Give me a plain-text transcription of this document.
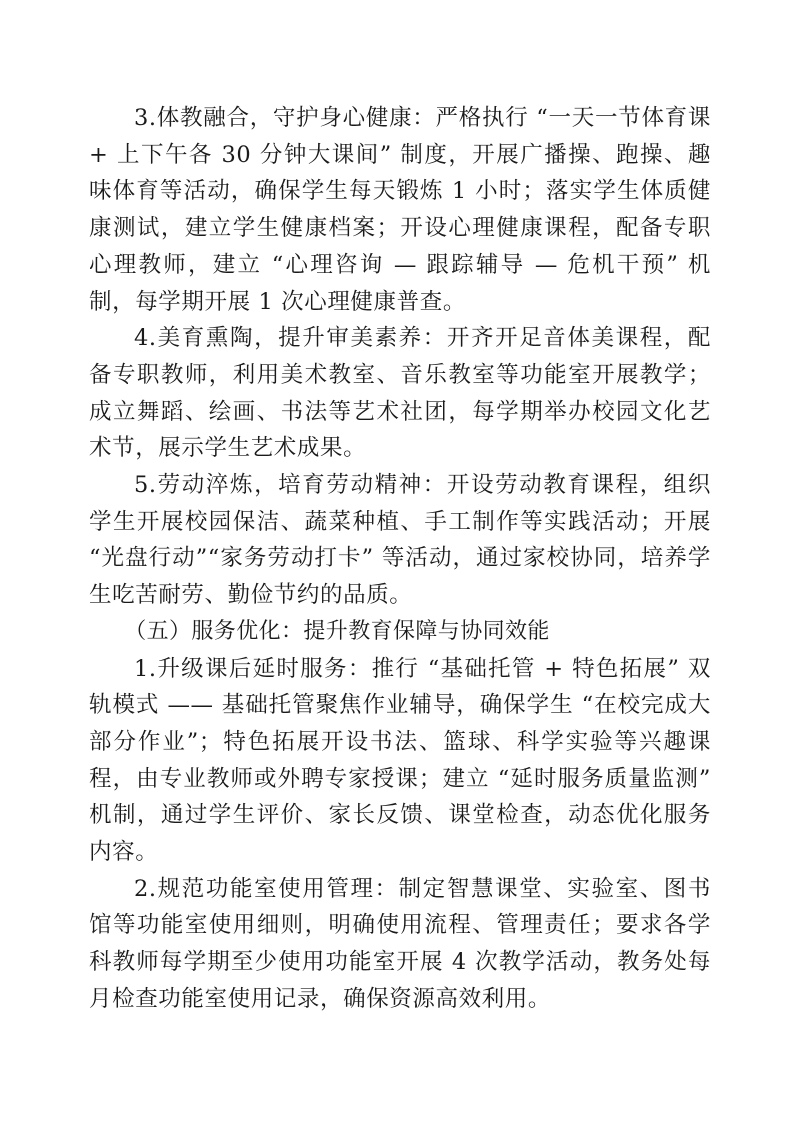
3.体教融合，守护身心健康：严格执行 “一天一节体育课 + 上下午各 30 分钟大课间” 制度，开展广播操、跑操、趣味体育等活动，确保学生每天锻炼 1 小时；落实学生体质健康测试，建立学生健康档案；开设心理健康课程，配备专职心理教师，建立 “心理咨询 — 跟踪辅导 — 危机干预” 机制，每学期开展 1 次心理健康普查。

4.美育熏陶，提升审美素养：开齐开足音体美课程，配备专职教师，利用美术教室、音乐教室等功能室开展教学；成立舞蹈、绘画、书法等艺术社团，每学期举办校园文化艺术节，展示学生艺术成果。

5.劳动淬炼，培育劳动精神：开设劳动教育课程，组织学生开展校园保洁、蔬菜种植、手工制作等实践活动；开展 “光盘行动”“家务劳动打卡” 等活动，通过家校协同，培养学生吃苦耐劳、勤俭节约的品质。

（五）服务优化：提升教育保障与协同效能

1.升级课后延时服务：推行 “基础托管 + 特色拓展” 双轨模式 —— 基础托管聚焦作业辅导，确保学生 “在校完成大部分作业”；特色拓展开设书法、篮球、科学实验等兴趣课程，由专业教师或外聘专家授课；建立 “延时服务质量监测” 机制，通过学生评价、家长反馈、课堂检查，动态优化服务内容。

2.规范功能室使用管理：制定智慧课堂、实验室、图书馆等功能室使用细则，明确使用流程、管理责任；要求各学科教师每学期至少使用功能室开展 4 次教学活动，教务处每月检查功能室使用记录，确保资源高效利用。
